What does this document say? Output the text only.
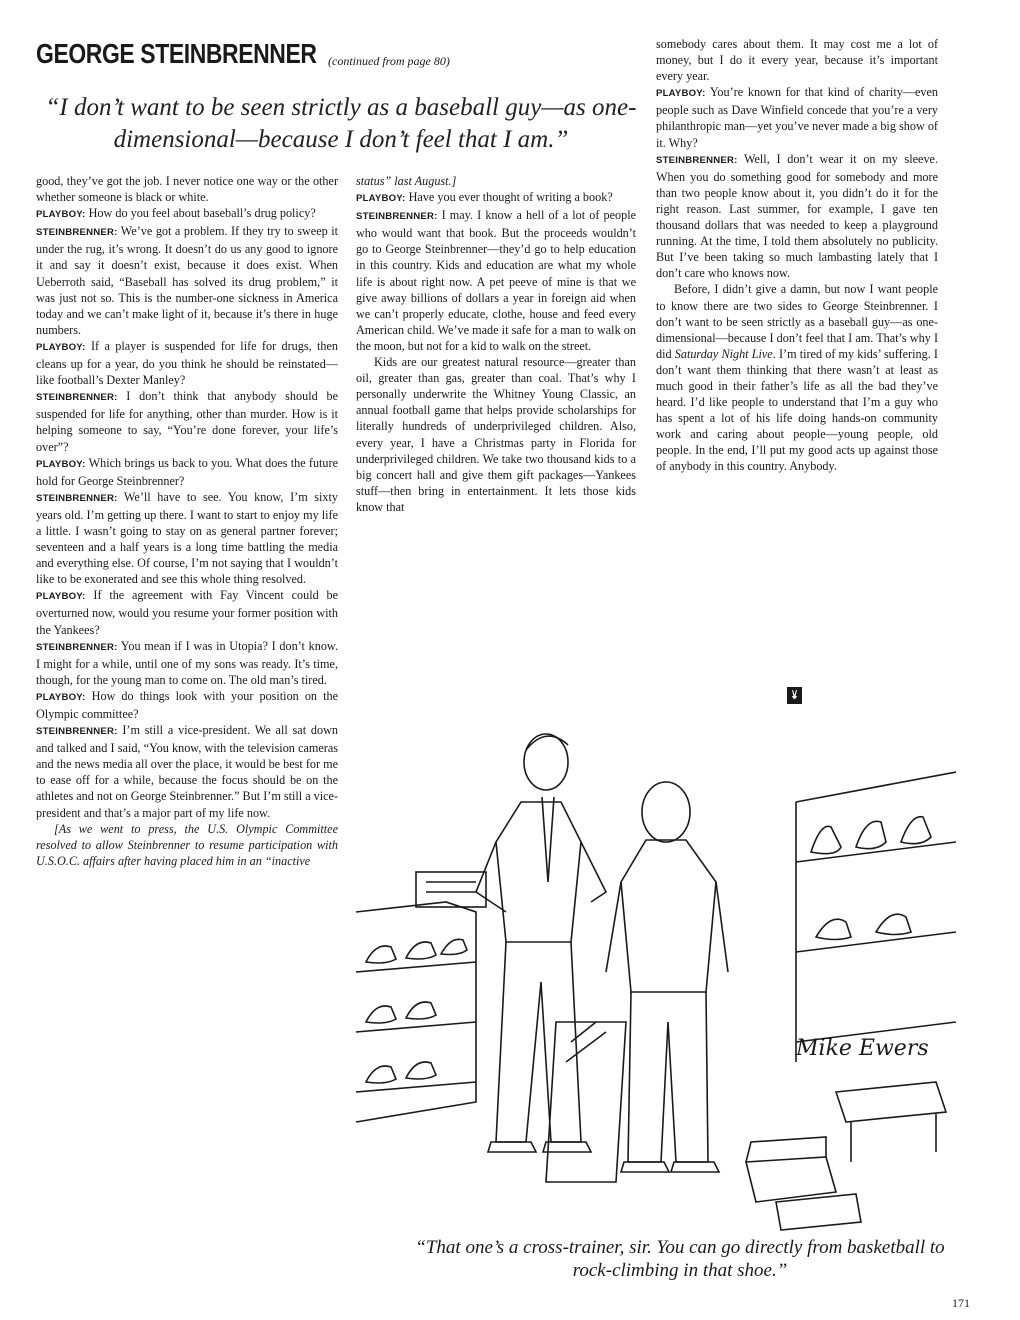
GEORGE STEINBRENNER (continued from page 80)
“I don’t want to be seen strictly as a baseball guy—as one-dimensional—because I don’t feel that I am.”

good, they’ve got the job. I never notice one way or the other whether someone is black or white.

PLAYBOY: How do you feel about baseball’s drug policy?

STEINBRENNER: We’ve got a problem. If they try to sweep it under the rug, it’s wrong. It doesn’t do us any good to ignore it and say it doesn’t exist, because it does exist. When Ueberroth said, “Baseball has solved its drug problem,” it was just not so. This is the number-one sickness in America today and we can’t make light of it, because it’s there in huge numbers.

PLAYBOY: If a player is suspended for life for drugs, then cleans up for a year, do you think he should be reinstated—like football’s Dexter Manley?

STEINBRENNER: I don’t think that anybody should be suspended for life for anything, other than murder. How is it helping someone to say, “You’re done forever, your life’s over”?

PLAYBOY: Which brings us back to you. What does the future hold for George Steinbrenner?

STEINBRENNER: We’ll have to see. You know, I’m sixty years old. I’m getting up there. I want to start to enjoy my life a little. I wasn’t going to stay on as general partner forever; seventeen and a half years is a long time battling the media and everything else. Of course, I’m not saying that I wouldn’t like to be exonerated and see this whole thing resolved.

PLAYBOY: If the agreement with Fay Vincent could be overturned now, would you resume your former position with the Yankees?

STEINBRENNER: You mean if I was in Utopia? I don’t know. I might for a while, until one of my sons was ready. It’s time, though, for the young man to come on. The old man’s tired.

PLAYBOY: How do things look with your position on the Olympic committee?

STEINBRENNER: I’m still a vice-president. We all sat down and talked and I said, “You know, with the television cameras and the news media all over the place, it would be best for me to ease off for a while, because the focus should be on the athletes and not on George Steinbrenner.” But I’m still a vice-president and that’s a major part of my life now.

[As we went to press, the U.S. Olympic Committee resolved to allow Steinbrenner to resume participation with U.S.O.C. affairs after having placed him in an “inactive

status” last August.]

PLAYBOY: Have you ever thought of writing a book?

STEINBRENNER: I may. I know a hell of a lot of people who would want that book. But the proceeds wouldn’t go to George Steinbrenner—they’d go to help education in this country. Kids and education are what my whole life is about right now. A pet peeve of mine is that we give away billions of dollars a year in foreign aid when we can’t properly educate, clothe, house and feed every American child. We’ve made it safe for a man to walk on the moon, but not for a kid to walk on the street.

Kids are our greatest natural resource—greater than oil, greater than gas, greater than coal. That’s why I personally underwrite the Whitney Young Classic, an annual football game that helps provide scholarships for literally hundreds of underprivileged children. Also, every year, I have a Christmas party in Florida for underprivileged children. We take two thousand kids to a big concert hall and give them gift packages—Yankees stuff—then bring in entertainment. It lets those kids know that

somebody cares about them. It may cost me a lot of money, but I do it every year, because it’s important every year.

PLAYBOY: You’re known for that kind of charity—even people such as Dave Winfield concede that you’re a very philanthropic man—yet you’ve never made a big show of it. Why?

STEINBRENNER: Well, I don’t wear it on my sleeve. When you do something good for somebody and more than two people know about it, you didn’t do it for the right reason. Last summer, for example, I gave ten thousand dollars that was needed to keep a playground running. At the time, I told them absolutely no publicity. But I’ve been taking so much lambasting lately that I don’t care who knows now.

Before, I didn’t give a damn, but now I want people to know there are two sides to George Steinbrenner. I don’t want to be seen strictly as a baseball guy—as one-dimensional—because I don’t feel that I am. That’s why I did Saturday Night Live. I’m tired of my kids’ suffering. I don’t want them thinking that there wasn’t at least as much good in their father’s life as all the bad they’ve heard. I’d like people to understand that I’m a guy who has spent a lot of his life doing hands-on community work and caring about people—young people, old people. In the end, I’ll put my good acts up against those of anybody in this country. Anybody.

Mike Ewers
“That one’s a cross-trainer, sir. You can go directly from basketball to rock-climbing in that shoe.”
171
